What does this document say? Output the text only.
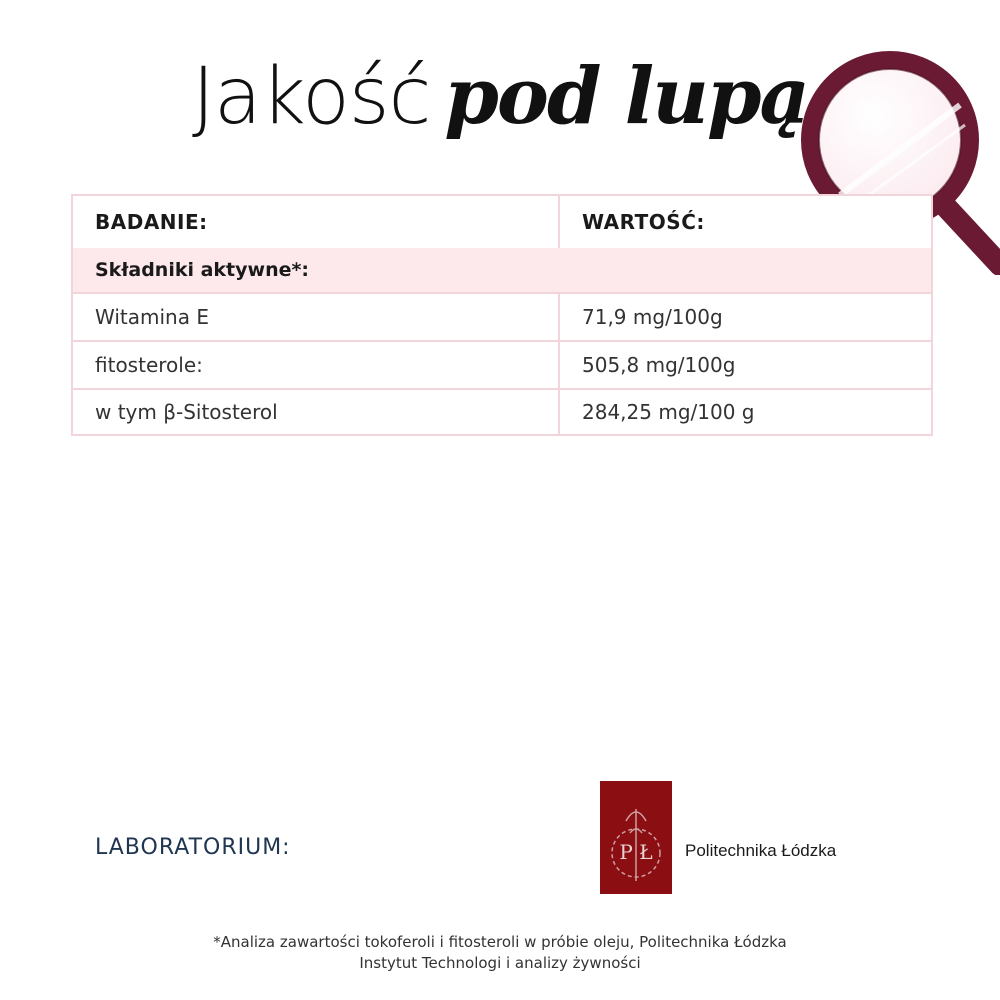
Jakość pod lupą
BADANIE:	WARTOŚĆ:
Składniki aktywne*:
Witamina E	71,9 mg/100g
fitosterole:	505,8 mg/100g
w tym β-Sitosterol	284,25 mg/100 g
LABORATORIUM:	P Ł Politechnika Łódzka
*Analiza zawartości tokoferoli i fitosteroli w próbie oleju, Politechnika Łódzka
Instytut Technologi i analizy żywności
